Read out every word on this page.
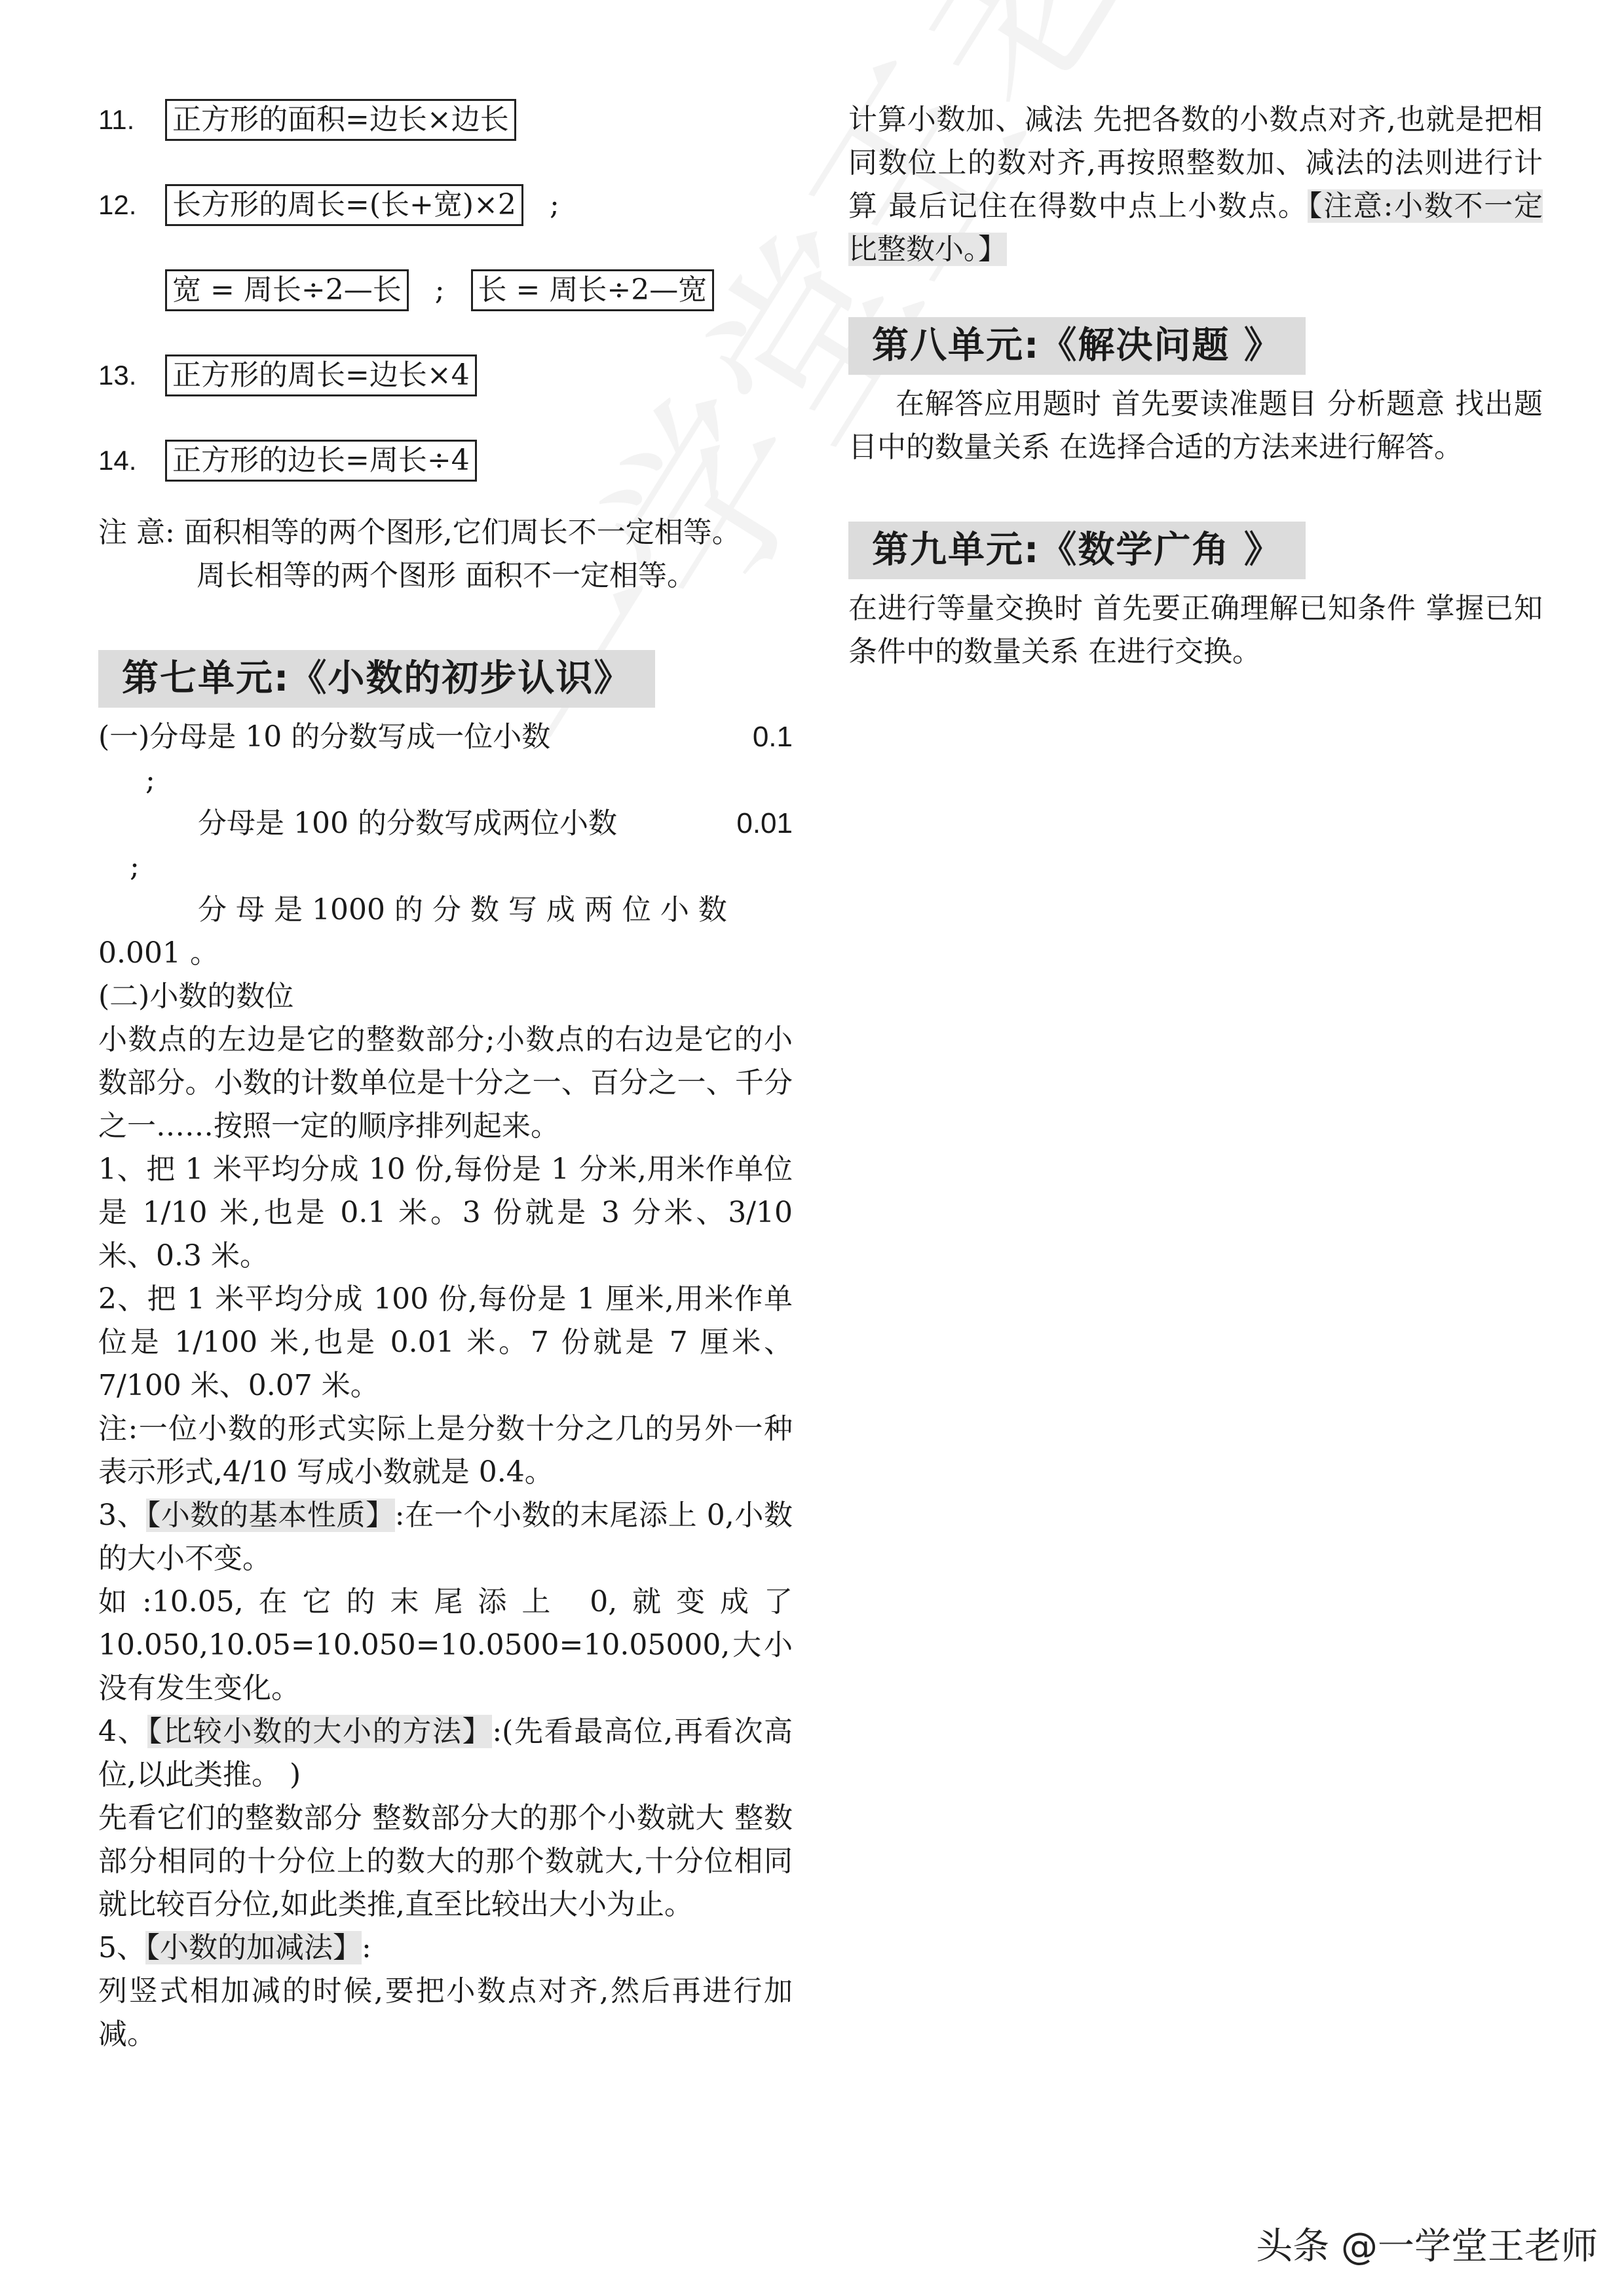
11. 正方形的面积=边长×边长

12. 长方形的周长=(长+宽)×2 ;

宽 = 周长÷2—长 ; 长 = 周长÷2—宽

13. 正方形的周长=边长×4

14. 正方形的边长=周长÷4

注 意: 面积相等的两个图形,它们周长不一定相等。

周长相等的两个图形 面积不一定相等。

第七单元:《小数的初步认识》

(一)分母是 10 的分数写成一位小数	0.1

;

分母是 100 的分数写成两位小数	0.01

;

分 母 是 1000 的 分 数 写 成 两 位 小 数

0.001 。

(二)小数的数位

小数点的左边是它的整数部分;小数点的右边是它的小数部分。小数的计数单位是十分之一、百分之一、千分之一……按照一定的顺序排列起来。

1、把 1 米平均分成 10 份,每份是 1 分米,用米作单位是 1/10 米,也是 0.1 米。3 份就是 3 分米、3/10 米、0.3 米。

2、把 1 米平均分成 100 份,每份是 1 厘米,用米作单位是 1/100 米,也是 0.01 米。7 份就是 7 厘米、7/100 米、0.07 米。

注:一位小数的形式实际上是分数十分之几的另外一种表示形式,4/10 写成小数就是 0.4。

3、【小数的基本性质】:在一个小数的末尾添上 0,小数的大小不变。

如:10.05,在它的末尾添上 0,就变成了 10.050,10.05=10.050=10.0500=10.05000,大小没有发生变化。

4、【比较小数的大小的方法】:(先看最高位,再看次高位,以此类推。 )

先看它们的整数部分 整数部分大的那个小数就大 整数部分相同的十分位上的数大的那个数就大,十分位相同就比较百分位,如此类推,直至比较出大小为止。

5、【小数的加减法】:

列竖式相加减的时候,要把小数点对齐,然后再进行加减。

计算小数加、减法 先把各数的小数点对齐,也就是把相同数位上的数对齐,再按照整数加、减法的法则进行计算 最后记住在得数中点上小数点。【注意:小数不一定比整数小。】

第八单元:《解决问题 》

在解答应用题时 首先要读准题目 分析题意 找出题目中的数量关系 在选择合适的方法来进行解答。

第九单元:《数学广角 》

在进行等量交换时 首先要正确理解已知条件 掌握已知条件中的数量关系 在进行交换。

头条 @一学堂王老师
